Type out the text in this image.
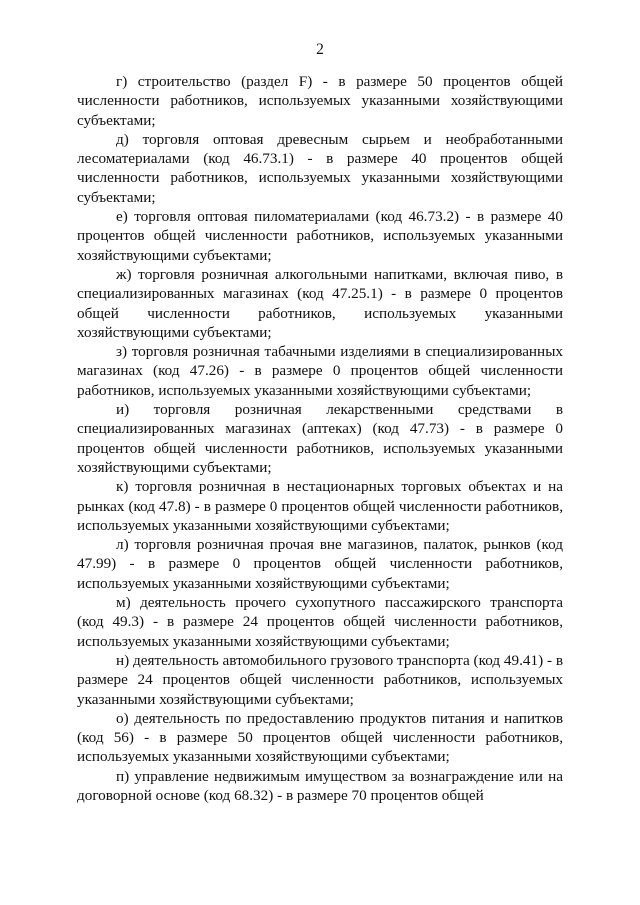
2

г) строительство (раздел F) - в размере 50 процентов общей численности работников, используемых указанными хозяйствующими субъектами;

д) торговля оптовая древесным сырьем и необработанными лесоматериалами (код 46.73.1) - в размере 40 процентов общей численности работников, используемых указанными хозяйствующими субъектами;

е) торговля оптовая пиломатериалами (код 46.73.2) - в размере 40 процентов общей численности работников, используемых указанными хозяйствующими субъектами;

ж) торговля розничная алкогольными напитками, включая пиво, в специализированных магазинах (код 47.25.1) - в размере 0 процентов общей численности работников, используемых указанными хозяйствующими субъектами;

з) торговля розничная табачными изделиями в специализированных магазинах (код 47.26) - в размере 0 процентов общей численности работников, используемых указанными хозяйствующими субъектами;

и) торговля розничная лекарственными средствами в специализированных магазинах (аптеках) (код 47.73) - в размере 0 процентов общей численности работников, используемых указанными хозяйствующими субъектами;

к) торговля розничная в нестационарных торговых объектах и на рынках (код 47.8) - в размере 0 процентов общей численности работников, используемых указанными хозяйствующими субъектами;

л) торговля розничная прочая вне магазинов, палаток, рынков (код 47.99) - в размере 0 процентов общей численности работников, используемых указанными хозяйствующими субъектами;

м) деятельность прочего сухопутного пассажирского транспорта (код 49.3) - в размере 24 процентов общей численности работников, используемых указанными хозяйствующими субъектами;

н) деятельность автомобильного грузового транспорта (код 49.41) - в размере 24 процентов общей численности работников, используемых указанными хозяйствующими субъектами;

о) деятельность по предоставлению продуктов питания и напитков (код 56) - в размере 50 процентов общей численности работников, используемых указанными хозяйствующими субъектами;

п) управление недвижимым имуществом за вознаграждение или на договорной основе (код 68.32) - в размере 70 процентов общей
